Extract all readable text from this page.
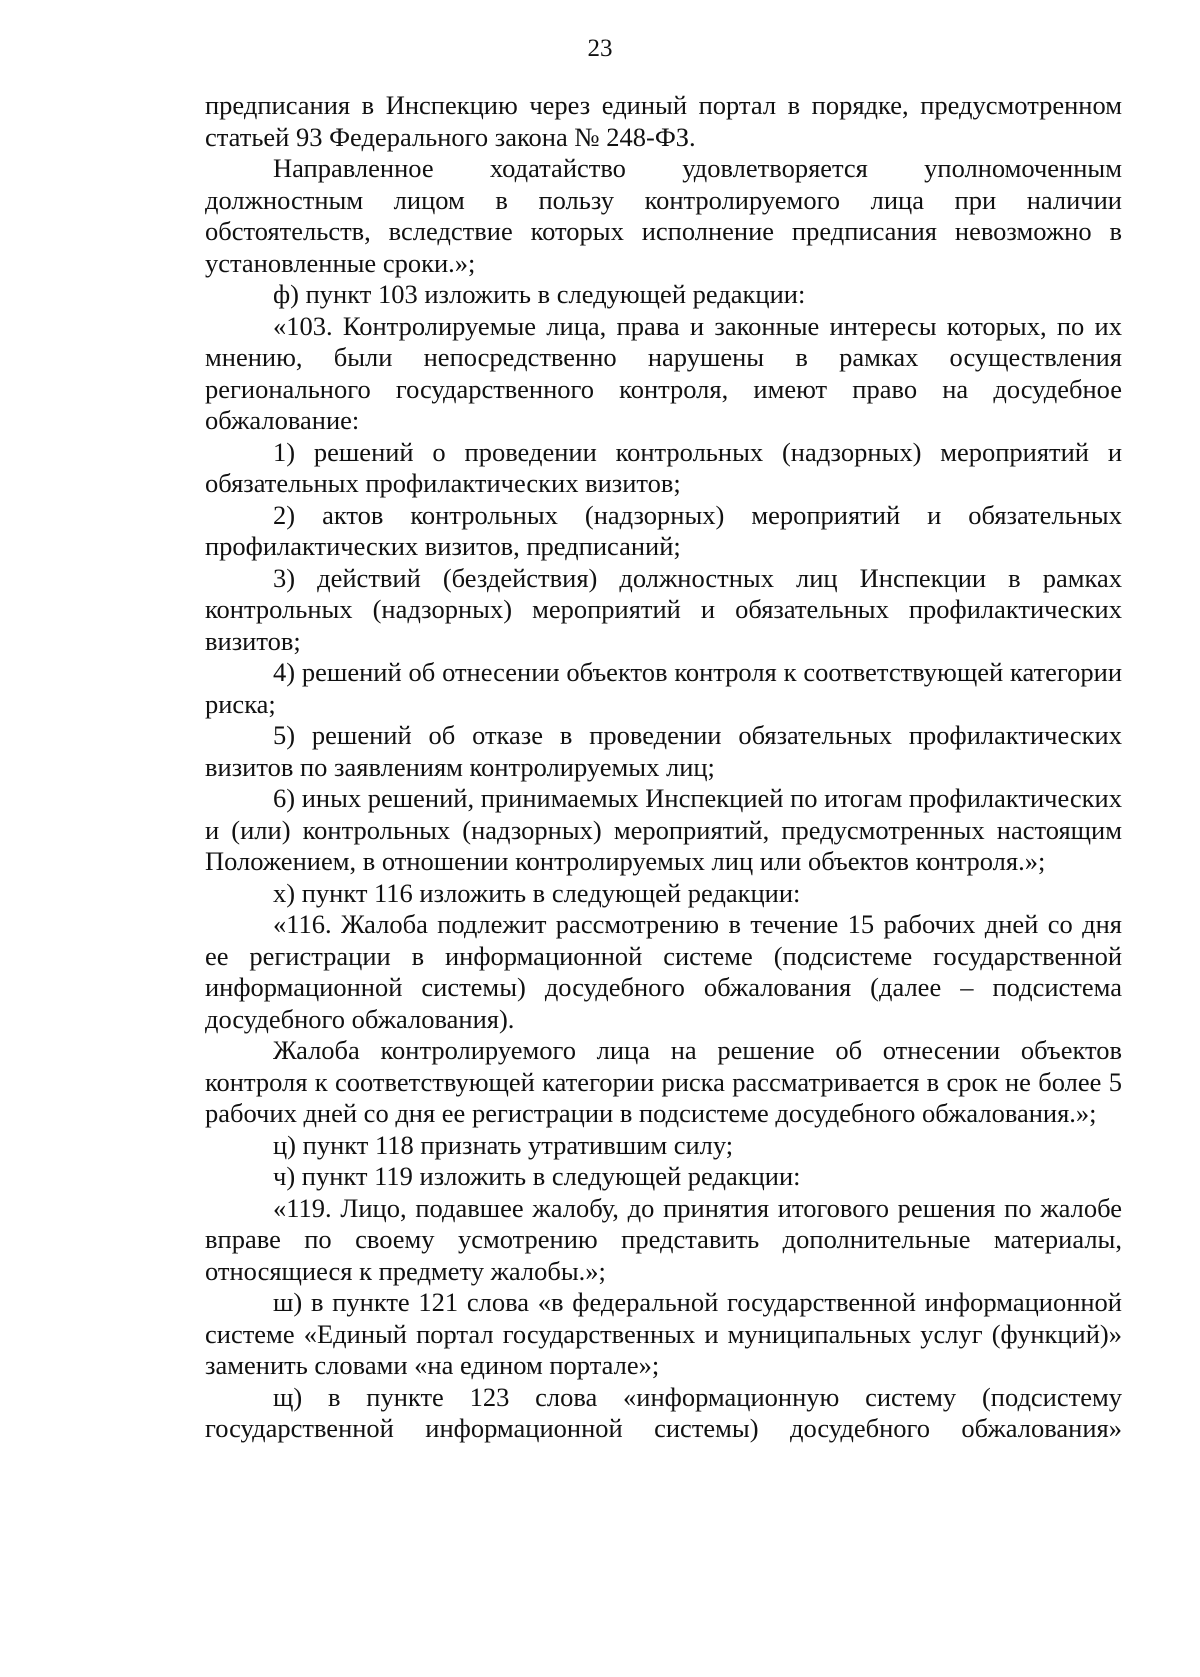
23

предписания в Инспекцию через единый портал в порядке, предусмотренном статьей 93 Федерального закона № 248-ФЗ.

Направленное ходатайство удовлетворяется уполномоченным должностным лицом в пользу контролируемого лица при наличии обстоятельств, вследствие которых исполнение предписания невозможно в установленные сроки.»;

ф) пункт 103 изложить в следующей редакции:

«103. Контролируемые лица, права и законные интересы которых, по их мнению, были непосредственно нарушены в рамках осуществления регионального государственного контроля, имеют право на досудебное обжалование:

1) решений о проведении контрольных (надзорных) мероприятий и обязательных профилактических визитов;

2) актов контрольных (надзорных) мероприятий и обязательных профилактических визитов, предписаний;

3) действий (бездействия) должностных лиц Инспекции в рамках контрольных (надзорных) мероприятий и обязательных профилактических визитов;

4) решений об отнесении объектов контроля к соответствующей категории риска;

5) решений об отказе в проведении обязательных профилактических визитов по заявлениям контролируемых лиц;

6) иных решений, принимаемых Инспекцией по итогам профилактических и (или) контрольных (надзорных) мероприятий, предусмотренных настоящим Положением, в отношении контролируемых лиц или объектов контроля.»;

х) пункт 116 изложить в следующей редакции:

«116. Жалоба подлежит рассмотрению в течение 15 рабочих дней со дня ее регистрации в информационной системе (подсистеме государственной информационной системы) досудебного обжалования (далее – подсистема досудебного обжалования).

Жалоба контролируемого лица на решение об отнесении объектов контроля к соответствующей категории риска рассматривается в срок не более 5 рабочих дней со дня ее регистрации в подсистеме досудебного обжалования.»;

ц) пункт 118 признать утратившим силу;

ч) пункт 119 изложить в следующей редакции:

«119. Лицо, подавшее жалобу, до принятия итогового решения по жалобе вправе по своему усмотрению представить дополнительные материалы, относящиеся к предмету жалобы.»;

ш) в пункте 121 слова «в федеральной государственной информационной системе «Единый портал государственных и муниципальных услуг (функций)» заменить словами «на едином портале»;

щ) в пункте 123 слова «информационную систему (подсистему государственной информационной системы) досудебного обжалования»
